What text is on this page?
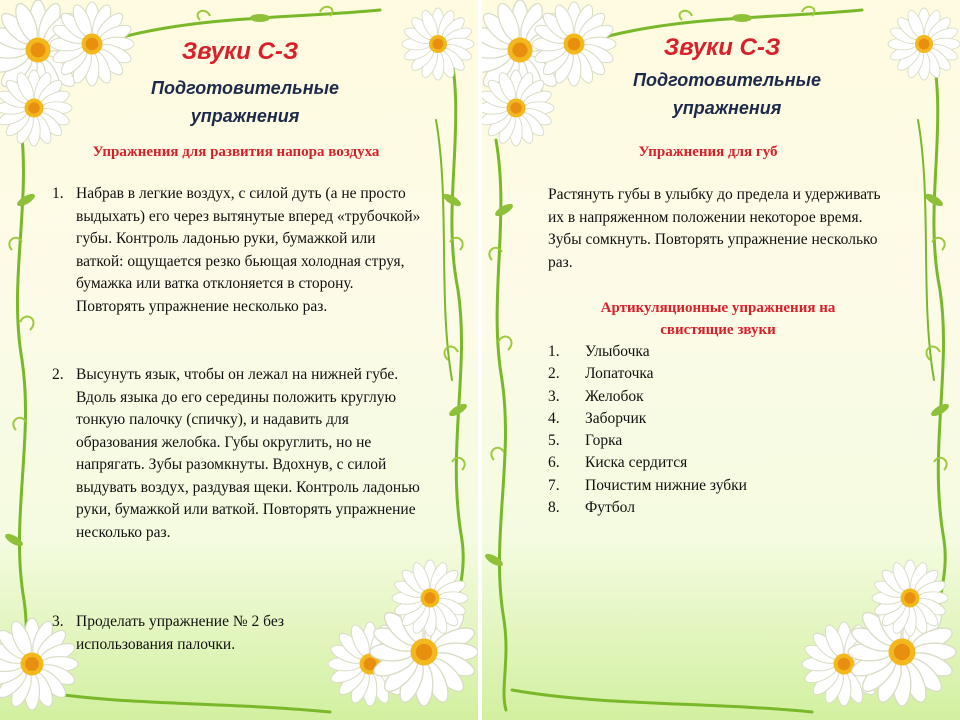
Звуки С-З
Подготовительные
упражнения
Упражнения для развития напора воздуха
1. Набрав в легкие воздух, с силой дуть (а не просто выдыхать) его через вытянутые вперед «трубочкой» губы. Контроль ладонью руки, бумажкой или ваткой: ощущается резко бьющая холодная струя, бумажка или ватка отклоняется в сторону. Повторять упражнение несколько раз.
2. Высунуть язык, чтобы он лежал на нижней губе. Вдоль языка до его середины положить круглую тонкую палочку (спичку), и надавить для образования желобка. Губы округлить, но не напрягать. Зубы разомкнуты. Вдохнув, с силой выдувать воздух, раздувая щеки. Контроль ладонью руки, бумажкой или ваткой. Повторять упражнение несколько раз.
3. Проделать упражнение № 2 без использования палочки.
Звуки С-З
Подготовительные
упражнения
Упражнения для губ
Растянуть губы в улыбку до предела и удерживать их в напряженном положении некоторое время. Зубы сомкнуть. Повторять упражнение несколько раз.
Артикуляционные упражнения на
свистящие звуки
1.	Улыбочка
2.	Лопаточка
3.	Желобок
4.	Заборчик
5.	Горка
6.	Киска сердится
7.	Почистим нижние зубки
8.	Футбол
